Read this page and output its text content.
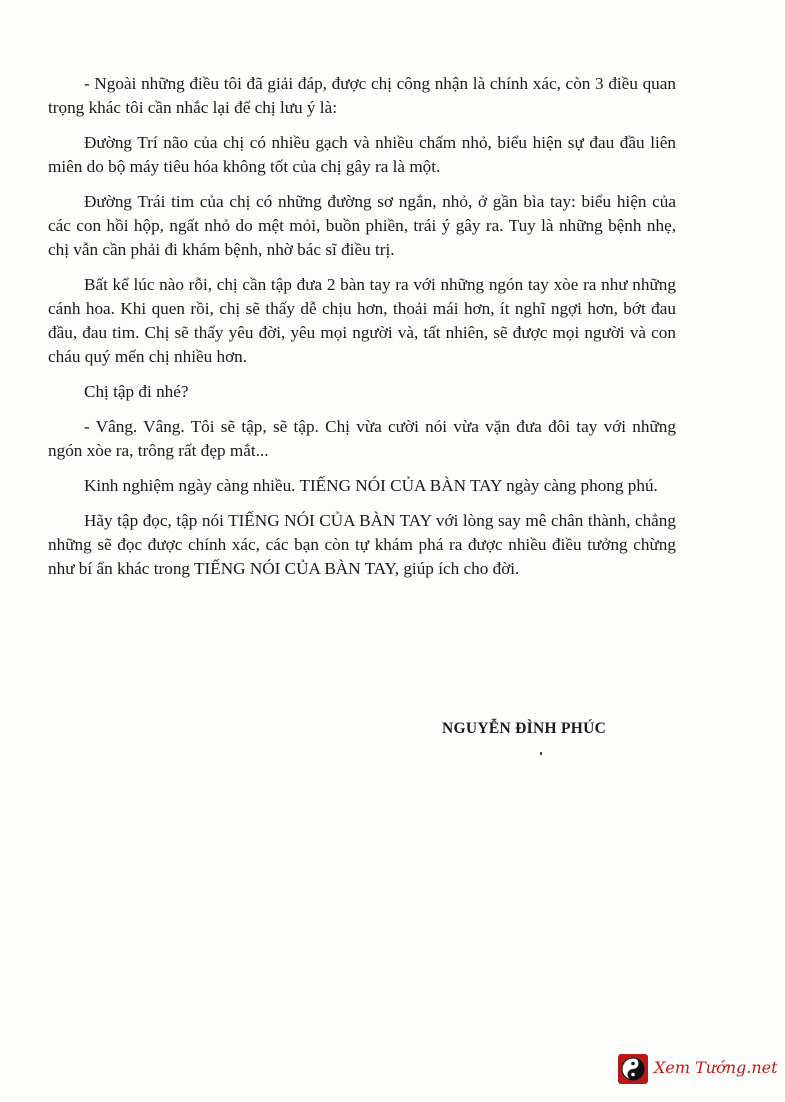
- Ngoài những điều tôi đã giải đáp, được chị công nhận là chính xác, còn 3 điều quan trọng khác tôi cần nhắc lại để chị lưu ý là:

Đường Trí não của chị có nhiều gạch và nhiều chấm nhỏ, biểu hiện sự đau đầu liên miên do bộ máy tiêu hóa không tốt của chị gây ra là một.

Đường Trái tim của chị có những đường sơ ngắn, nhỏ, ở gần bìa tay: biểu hiện của các con hồi hộp, ngất nhỏ do mệt mỏi, buồn phiền, trái ý gây ra. Tuy là những bệnh nhẹ, chị vẫn cần phải đi khám bệnh, nhờ bác sĩ điều trị.

Bất kể lúc nào rỗi, chị cần tập đưa 2 bàn tay ra với những ngón tay xòe ra như những cánh hoa. Khi quen rồi, chị sẽ thấy dễ chịu hơn, thoải mái hơn, ít nghĩ ngợi hơn, bớt đau đầu, đau tim. Chị sẽ thấy yêu đời, yêu mọi người và, tất nhiên, sẽ được mọi người và con cháu quý mến chị nhiều hơn.

Chị tập đi nhé?

- Vâng. Vâng. Tôi sẽ tập, sẽ tập. Chị vừa cười nói vừa vặn đưa đôi tay với những ngón xòe ra, trông rất đẹp mắt...

Kinh nghiệm ngày càng nhiều. TIẾNG NÓI CỦA BÀN TAY ngày càng phong phú.

Hãy tập đọc, tập nói TIẾNG NÓI CỦA BÀN TAY với lòng say mê chân thành, chẳng những sẽ đọc được chính xác, các bạn còn tự khám phá ra được nhiều điều tưởng chừng như bí ẩn khác trong TIẾNG NÓI CỦA BÀN TAY, giúp ích cho đời.

NGUYỄN ĐÌNH PHÚC
Xem Tướng.net
